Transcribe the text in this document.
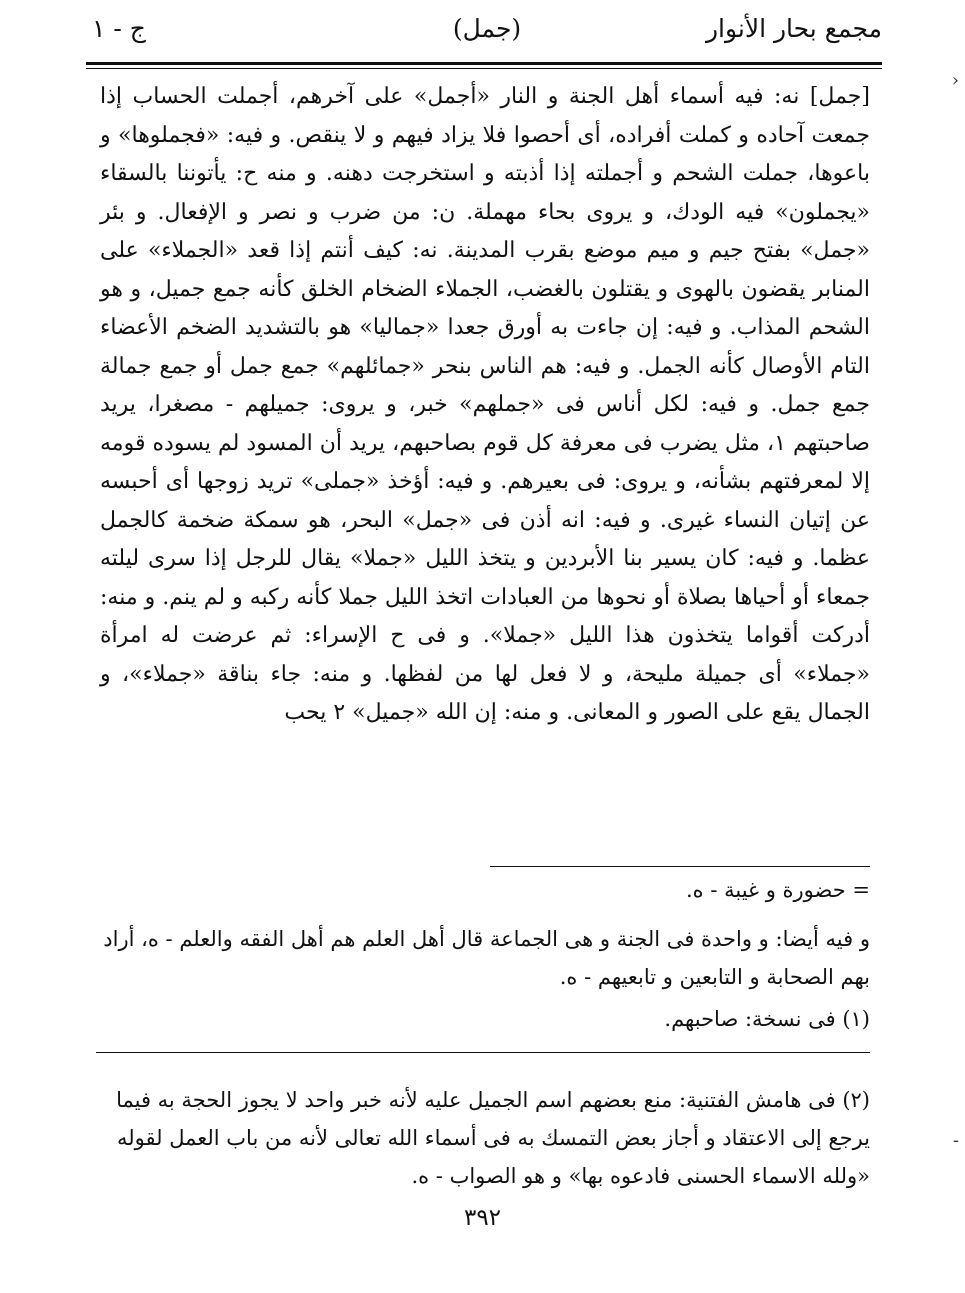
مجمع بحار الأنوار
(جمل)
ج - ١

[جمل] نه: فيه أسماء أهل الجنة و النار «أجمل» على آخرهم، أجملت الحساب إذا جمعت آحاده و كملت أفراده، أى أحصوا فلا يزاد فيهم و لا ينقص. و فيه: «فجملوها» و باعوها، جملت الشحم و أجملته إذا أذبته و استخرجت دهنه. و منه ح: يأتوننا بالسقاء «يجملون» فيه الودك، و يروى بحاء مهملة. ن: من ضرب و نصر و الإفعال. و بئر «جمل» بفتح جيم و ميم موضع بقرب المدينة. نه: كيف أنتم إذا قعد «الجملاء» على المنابر يقضون بالهوى و يقتلون بالغضب، الجملاء الضخام الخلق كأنه جمع جميل، و هو الشحم المذاب. و فيه: إن جاءت به أورق جعدا «جماليا» هو بالتشديد الضخم الأعضاء التام الأوصال كأنه الجمل. و فيه: هم الناس بنحر «جمائلهم» جمع جمل أو جمع جمالة جمع جمل. و فيه: لكل أناس فى «جملهم» خبر، و يروى: جميلهم - مصغرا، يريد صاحبتهم ١، مثل يضرب فى معرفة كل قوم بصاحبهم، يريد أن المسود لم يسوده قومه إلا لمعرفتهم بشأنه، و يروى: فى بعيرهم. و فيه: أؤخذ «جملى» تريد زوجها أى أحبسه عن إتيان النساء غيرى. و فيه: انه أذن فى «جمل» البحر، هو سمكة ضخمة كالجمل عظما. و فيه: كان يسير بنا الأبردين و يتخذ الليل «جملا» يقال للرجل إذا سرى ليلته جمعاء أو أحياها بصلاة أو نحوها من العبادات اتخذ الليل جملا كأنه ركبه و لم ينم. و منه: أدركت أقواما يتخذون هذا الليل «جملا». و فى ح الإسراء: ثم عرضت له امرأة «جملاء» أى جميلة مليحة، و لا فعل لها من لفظها. و منه: جاء بناقة «جملاء»، و الجمال يقع على الصور و المعانى. و منه: إن الله «جميل» ٢ يحب

= حضورة و غيبة - ه.

و فيه أيضا: و واحدة فى الجنة و هى الجماعة قال أهل العلم هم أهل الفقه والعلم - ه، أراد بهم الصحابة و التابعين و تابعيهم - ه.

(١) فى نسخة: صاحبهم.

(٢) فى هامش الفتنية: منع بعضهم اسم الجميل عليه لأنه خبر واحد لا يجوز الحجة به فيما يرجع إلى الاعتقاد و أجاز بعض التمسك به فى أسماء الله تعالى لأنه من باب العمل لقوله «ولله الاسماء الحسنى فادعوه بها» و هو الصواب - ه.

٣٩٢
›
-
